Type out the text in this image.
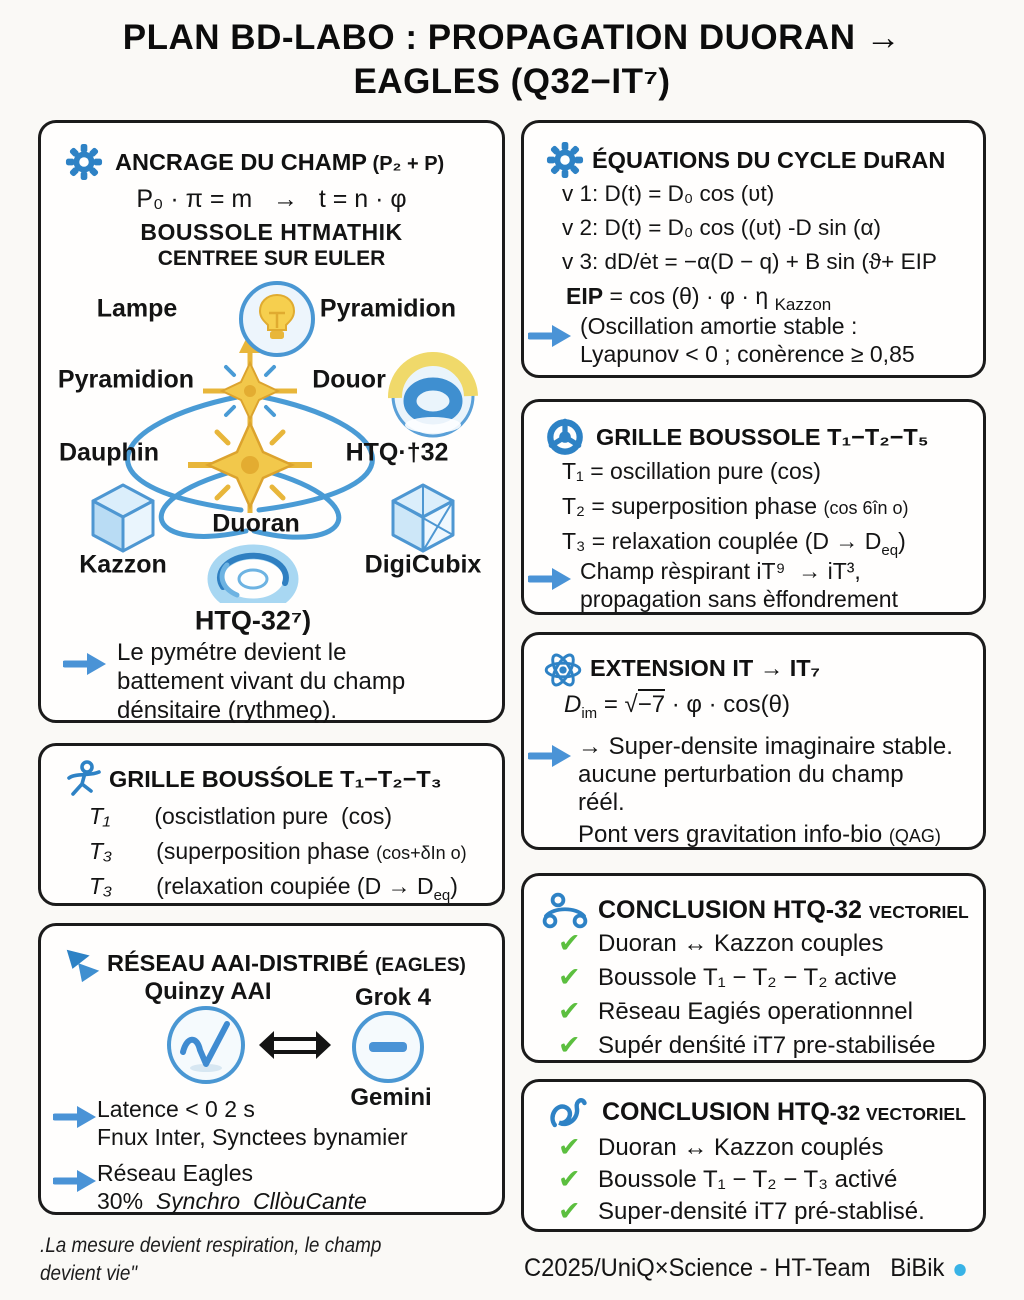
PLAN BD-LABO : PROPAGATION DUORAN →
EAGLES (Q32−IT⁷)
ANCRAGE DU CHAMP (P₂ + P)
P₀ · π = m   →   t = n · φ
BOUSSOLE HTMATHIK
CENTREE SUR EULER

Lampe	Pyramidion
Pyramidion	Douor
Dauphin	HTQ·†32
Duoran
Kazzon	DigiCubix
HTQ-32⁷)
Le pymétre devient le
battement vivant du champ
dénsitaire (rythmeǫ).
GRILLE BOUSŚOLE T₁−T₂−T₃
T₁ (oscistlation pure  (cos)
T₃ (superposition phase (cos+δIn o)
T₃ (relaxation coupiée $(D \to D_{eq})$
RÉSEAU AAI-DISTRIBÉ (EAGLES)
Quinzy AAI	Grok 4
Gemini
Latence < 0 2 s
Fnux Inter, Synctees bynamier
Réseau Eagles
30%  Synchro  CllòuCante
ÉQUATIONS DU CYCLE DuRAN
v 1: D(t) = D₀ cos (ʋt)
v 2: D(t) = D₀ cos ((ʋt) -D sin (α)
v 3: dD/ėt = −α(D − q) + B sin (ϑ+ EIP
EIP = cos (θ) · φ · η $_{Kazzon}$
(Oscillation amortie stable :
Lyapunov < 0 ; conèrence ≥ 0,85
GRILLE BOUSSOLE T₁−T₂−T₅
T₁ = oscillation pure (cos)
T₂ = superposition phase (cos 6în o)
T₃ = relaxation couplée $(D \to D_{eq})$
Champ rèspirant iT⁹  → iT³,
propagation sans èffondrement
EXTENSION IT → IT₇
$D_{im} = √-7 \cdot \varphi \cdot \cos(\theta)$
→ Super-densite imaginaire stable.
aucune perturbation du champ
réél.
Pont vers gravitation info-bio (QAG)
CONCLUSION HTQ-32 VECTORIEL
✔ Duoran ↔ Kazzon couples
✔ Boussole T₁ − T₂ − T₂ active
✔ Rēseau Eagiés operationnnel
✔ Supér denśité iT7 pre-stabilisée
CONCLUSION HTQ-32 VECTORIEL
✔ Duoran ↔ Kazzon couplés
✔ Boussole T₁ − T₂ − T₃ activé
✔ Super-densité iT7 pré-stablisé.
.La mesure devient respiration, le champ
devient vie"	C2025/UniQ×Science - HT-Team   BiBik
